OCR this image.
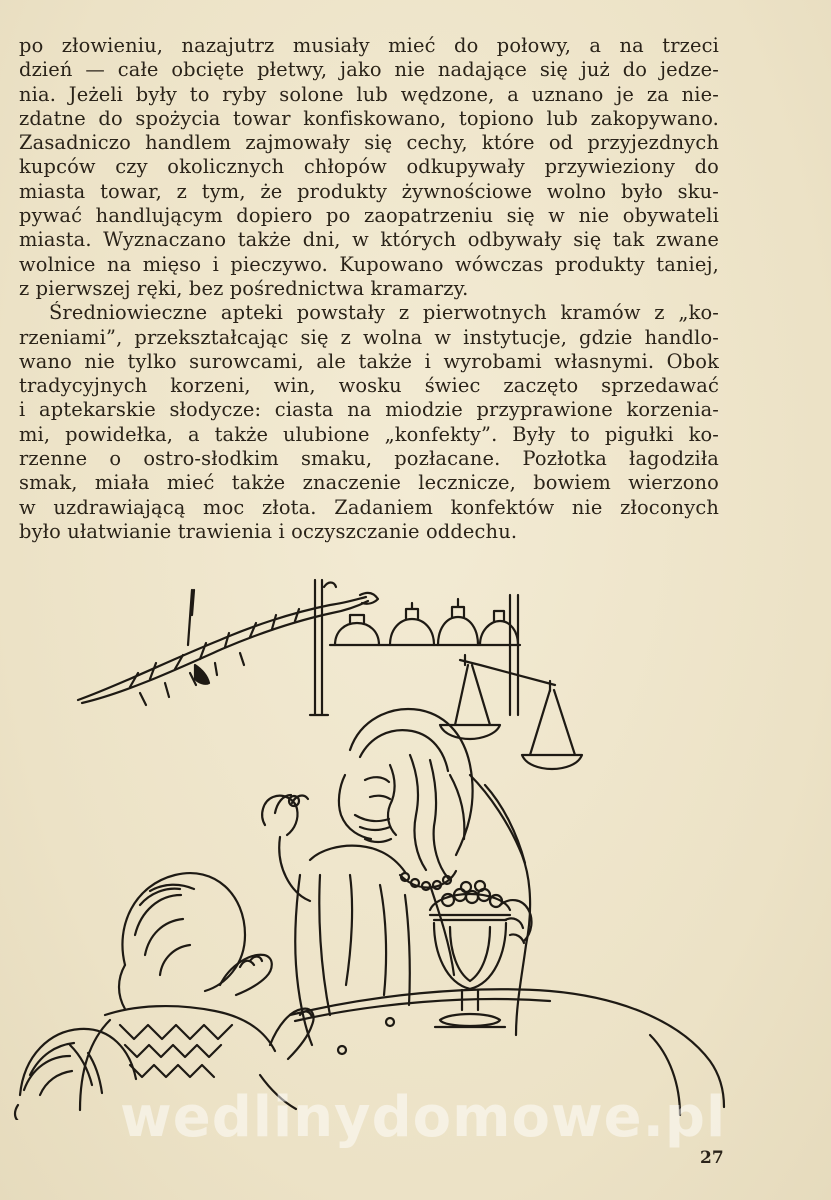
po złowieniu, nazajutrz musiały mieć do połowy, a na trzeci
dzień — całe obcięte płetwy, jako nie nadające się już do jedze-
nia. Jeżeli były to ryby solone lub wędzone, a uznano je za nie-
zdatne do spożycia towar konfiskowano, topiono lub zakopywano.
Zasadniczo handlem zajmowały się cechy, które od przyjezdnych
kupców czy okolicznych chłopów odkupywały przywieziony do
miasta towar, z tym, że produkty żywnościowe wolno było sku-
pywać handlującym dopiero po zaopatrzeniu się w nie obywateli
miasta. Wyznaczano także dni, w których odbywały się tak zwane
wolnice na mięso i pieczywo. Kupowano wówczas produkty taniej,
z pierwszej ręki, bez pośrednictwa kramarzy.
Średniowieczne apteki powstały z pierwotnych kramów z „ko-
rzeniami”, przekształcając się z wolna w instytucje, gdzie handlo-
wano nie tylko surowcami, ale także i wyrobami własnymi. Obok
tradycyjnych korzeni, win, wosku świec zaczęto sprzedawać
i aptekarskie słodycze: ciasta na miodzie przyprawione korzenia-
mi, powidełka, a także ulubione „konfekty”. Były to pigułki ko-
rzenne o ostro-słodkim smaku, pozłacane. Pozłotka łagodziła
smak, miała mieć także znaczenie lecznicze, bowiem wierzono
w uzdrawiającą moc złota. Zadaniem konfektów nie złoconych
było ułatwianie trawienia i oczyszczanie oddechu.
wedlinydomowe.pl
27
